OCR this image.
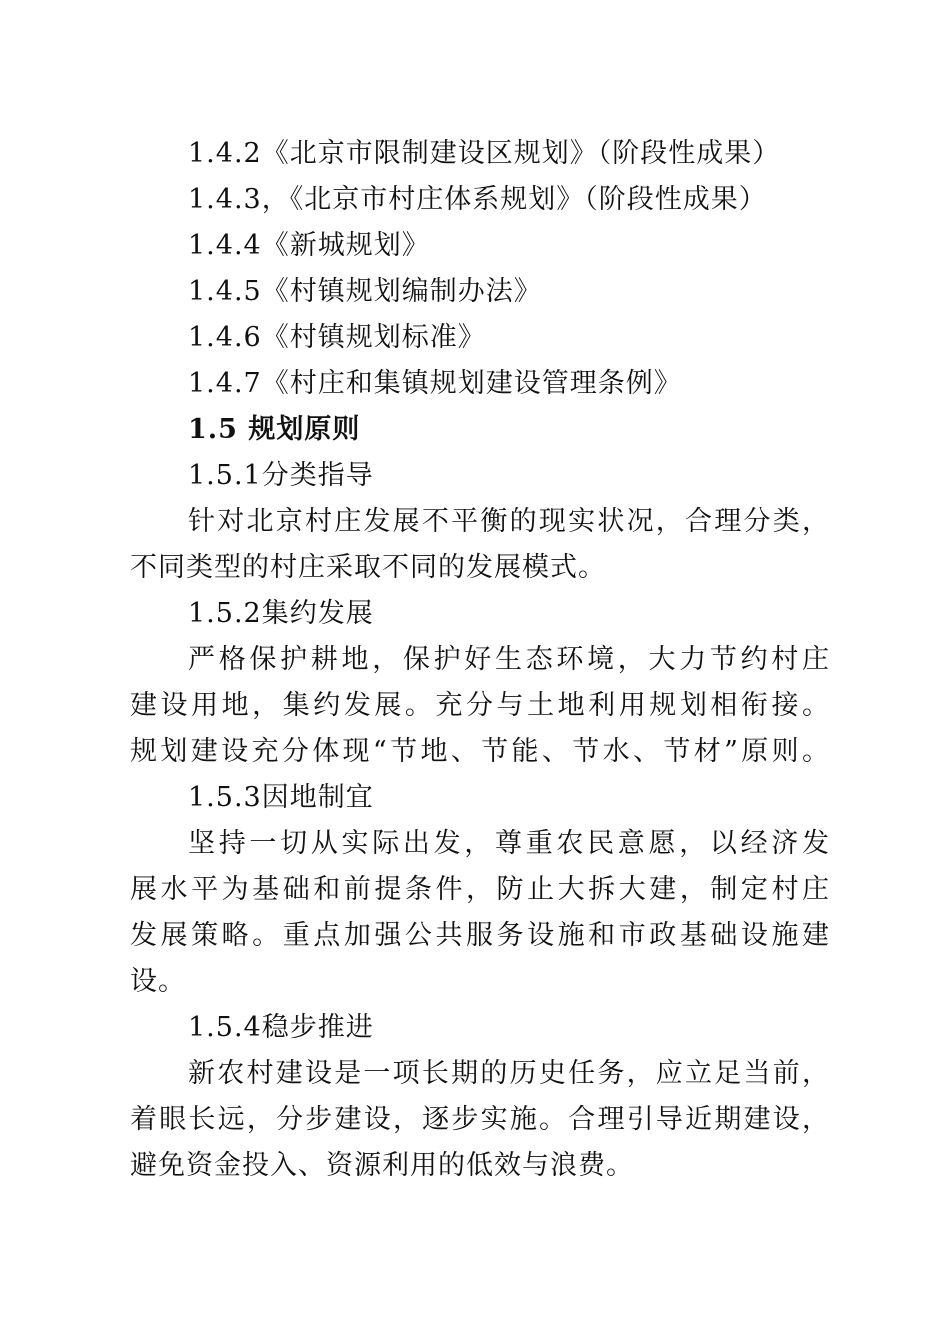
1.4.2《北京市限制建设区规划》（阶段性成果）
1.4.3，《北京市村庄体系规划》（阶段性成果）
1.4.4《新城规划》
1.4.5《村镇规划编制办法》
1.4.6《村镇规划标准》
1.4.7《村庄和集镇规划建设管理条例》
1.5 规划原则
1.5.1分类指导
针对北京村庄发展不平衡的现实状况，合理分类，
不同类型的村庄采取不同的发展模式。
1.5.2集约发展
严格保护耕地，保护好生态环境，大力节约村庄
建设用地，集约发展。充分与土地利用规划相衔接。
规划建设充分体现“节地、节能、节水、节材”原则。
1.5.3因地制宜
坚持一切从实际出发，尊重农民意愿，以经济发
展水平为基础和前提条件，防止大拆大建，制定村庄
发展策略。重点加强公共服务设施和市政基础设施建
设。
1.5.4稳步推进
新农村建设是一项长期的历史任务，应立足当前，
着眼长远，分步建设，逐步实施。合理引导近期建设，
避免资金投入、资源利用的低效与浪费。
